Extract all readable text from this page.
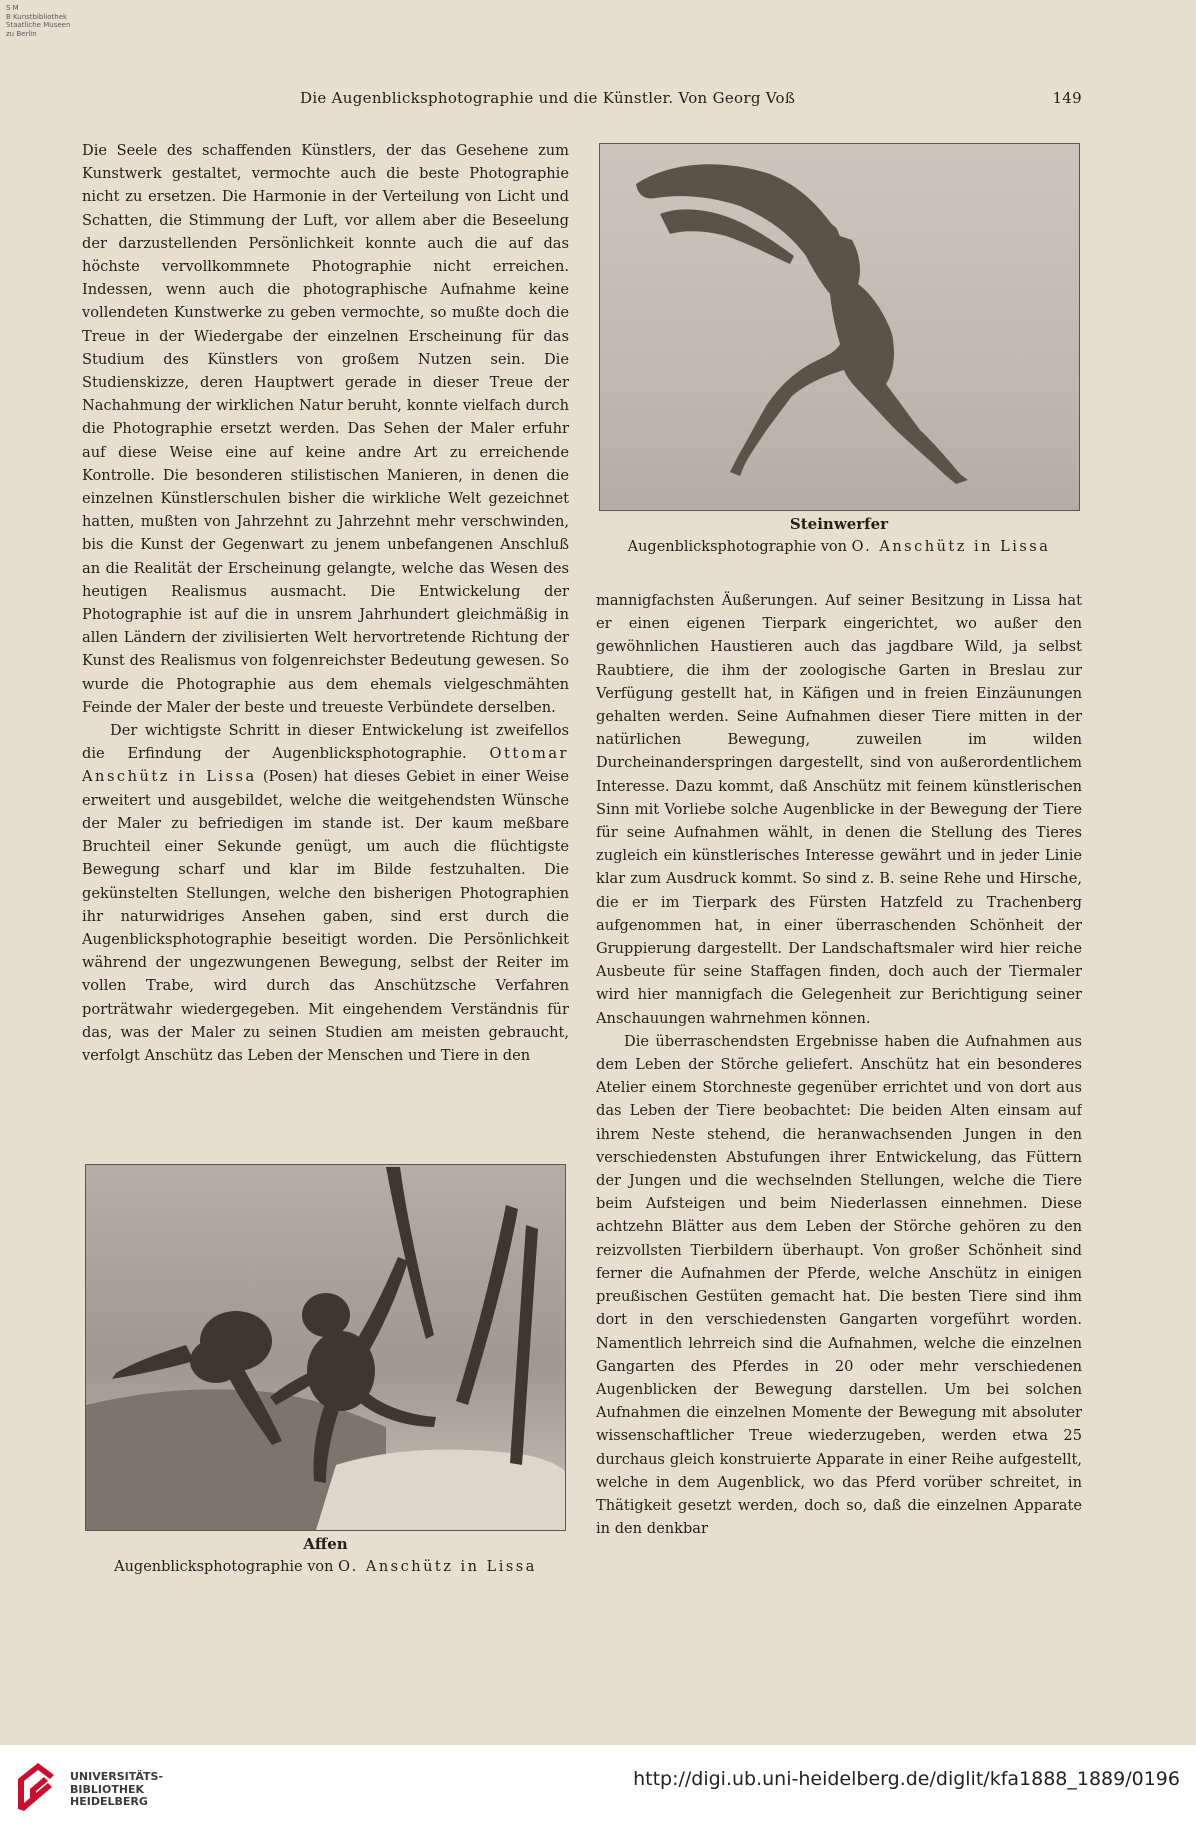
S M
B Kunstbibliothek
Staatliche Museen
zu Berlin
Die Augenblicksphotographie und die Künstler. Von Georg Voß	149

Die Seele des schaffenden Künstlers, der das Gesehene zum Kunstwerk gestaltet, vermochte auch die beste Photographie nicht zu ersetzen. Die Harmonie in der Verteilung von Licht und Schatten, die Stimmung der Luft, vor allem aber die Beseelung der darzustellenden Persönlichkeit konnte auch die auf das höchste vervollkommnete Photographie nicht erreichen. Indessen, wenn auch die photographische Aufnahme keine vollendeten Kunstwerke zu geben vermochte, so mußte doch die Treue in der Wiedergabe der einzelnen Erscheinung für das Studium des Künstlers von großem Nutzen sein. Die Studienskizze, deren Hauptwert gerade in dieser Treue der Nachahmung der wirklichen Natur beruht, konnte vielfach durch die Photographie ersetzt werden. Das Sehen der Maler erfuhr auf diese Weise eine auf keine andre Art zu erreichende Kontrolle. Die besonderen stilistischen Manieren, in denen die einzelnen Künstlerschulen bisher die wirkliche Welt gezeichnet hatten, mußten von Jahrzehnt zu Jahrzehnt mehr verschwinden, bis die Kunst der Gegenwart zu jenem unbefangenen Anschluß an die Realität der Erscheinung gelangte, welche das Wesen des heutigen Realismus ausmacht. Die Entwickelung der Photographie ist auf die in unsrem Jahrhundert gleichmäßig in allen Ländern der zivilisierten Welt hervortretende Richtung der Kunst des Realismus von folgenreichster Bedeutung gewesen. So wurde die Photographie aus dem ehemals vielgeschmähten Feinde der Maler der beste und treueste Verbündete derselben.

Der wichtigste Schritt in dieser Entwickelung ist zweifellos die Erfindung der Augenblicksphotographie. Ottomar Anschütz in Lissa (Posen) hat dieses Gebiet in einer Weise erweitert und ausgebildet, welche die weitgehendsten Wünsche der Maler zu befriedigen im stande ist. Der kaum meßbare Bruchteil einer Sekunde genügt, um auch die flüchtigste Bewegung scharf und klar im Bilde festzuhalten. Die gekünstelten Stellungen, welche den bisherigen Photographien ihr naturwidriges Ansehen gaben, sind erst durch die Augenblicksphotographie beseitigt worden. Die Persönlichkeit während der ungezwungenen Bewegung, selbst der Reiter im vollen Trabe, wird durch das Anschützsche Verfahren porträtwahr wiedergegeben. Mit eingehendem Verständnis für das, was der Maler zu seinen Studien am meisten gebraucht, verfolgt Anschütz das Leben der Menschen und Tiere in den

Steinwerfer
Augenblicksphotographie von O. Anschütz in Lissa

mannigfachsten Äußerungen. Auf seiner Besitzung in Lissa hat er einen eigenen Tierpark eingerichtet, wo außer den gewöhnlichen Haustieren auch das jagdbare Wild, ja selbst Raubtiere, die ihm der zoologische Garten in Breslau zur Verfügung gestellt hat, in Käfigen und in freien Einzäunungen gehalten werden. Seine Aufnahmen dieser Tiere mitten in der natürlichen Bewegung, zuweilen im wilden Durcheinanderspringen dargestellt, sind von außerordentlichem Interesse. Dazu kommt, daß Anschütz mit feinem künstlerischen Sinn mit Vorliebe solche Augenblicke in der Bewegung der Tiere für seine Aufnahmen wählt, in denen die Stellung des Tieres zugleich ein künstlerisches Interesse gewährt und in jeder Linie klar zum Ausdruck kommt. So sind z. B. seine Rehe und Hirsche, die er im Tierpark des Fürsten Hatzfeld zu Trachenberg aufgenommen hat, in einer überraschenden Schönheit der Gruppierung dargestellt. Der Landschaftsmaler wird hier reiche Ausbeute für seine Staffagen finden, doch auch der Tiermaler wird hier mannigfach die Gelegenheit zur Berichtigung seiner Anschauungen wahrnehmen können.

Die überraschendsten Ergebnisse haben die Aufnahmen aus dem Leben der Störche geliefert. Anschütz hat ein besonderes Atelier einem Storchneste gegenüber errichtet und von dort aus das Leben der Tiere beobachtet: Die beiden Alten einsam auf ihrem Neste stehend, die heranwachsenden Jungen in den verschiedensten Abstufungen ihrer Entwickelung, das Füttern der Jungen und die wechselnden Stellungen, welche die Tiere beim Aufsteigen und beim Niederlassen einnehmen. Diese achtzehn Blätter aus dem Leben der Störche gehören zu den reizvollsten Tierbildern überhaupt. Von großer Schönheit sind ferner die Aufnahmen der Pferde, welche Anschütz in einigen preußischen Gestüten gemacht hat. Die besten Tiere sind ihm dort in den verschiedensten Gangarten vorgeführt worden. Namentlich lehrreich sind die Aufnahmen, welche die einzelnen Gangarten des Pferdes in 20 oder mehr verschiedenen Augenblicken der Bewegung darstellen. Um bei solchen Aufnahmen die einzelnen Momente der Bewegung mit absoluter wissenschaftlicher Treue wiederzugeben, werden etwa 25 durchaus gleich konstruierte Apparate in einer Reihe aufgestellt, welche in dem Augenblick, wo das Pferd vorüber schreitet, in Thätigkeit gesetzt werden, doch so, daß die einzelnen Apparate in den denkbar

Affen
Augenblicksphotographie von O. Anschütz in Lissa
UNIVERSITÄTS-
BIBLIOTHEK
HEIDELBERG
http://digi.ub.uni-heidelberg.de/diglit/kfa1888_1889/0196
